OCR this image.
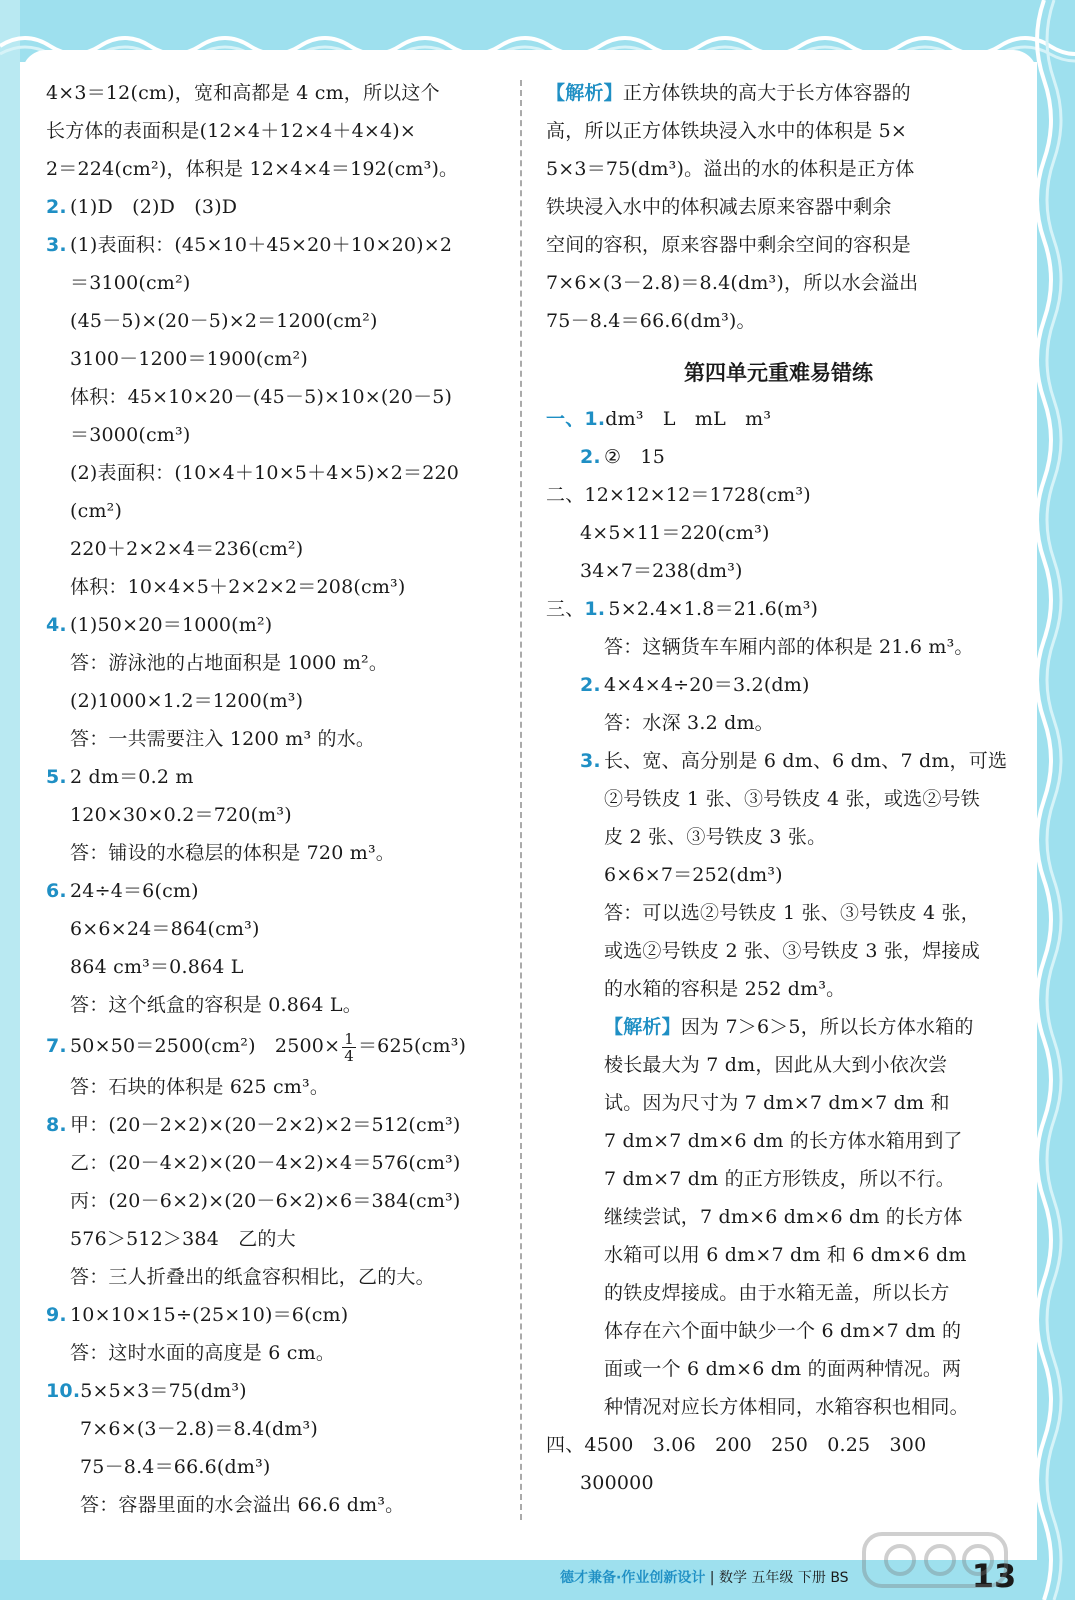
4×3＝12(cm)，宽和高都是 4 cm，所以这个
长方体的表面积是(12×4＋12×4＋4×4)×
2＝224(cm²)，体积是 12×4×4＝192(cm³)。
2. (1)D　(2)D　(3)D
3. (1)表面积：(45×10＋45×20＋10×20)×2
＝3100(cm²)
(45－5)×(20－5)×2＝1200(cm²)
3100－1200＝1900(cm²)
体积：45×10×20－(45－5)×10×(20－5)
＝3000(cm³)
(2)表面积：(10×4＋10×5＋4×5)×2＝220
(cm²)
220＋2×2×4＝236(cm²)
体积：10×4×5＋2×2×2＝208(cm³)
4. (1)50×20＝1000(m²)
答：游泳池的占地面积是 1000 m²。
(2)1000×1.2＝1200(m³)
答：一共需要注入 1200 m³ 的水。
5. 2 dm＝0.2 m
120×30×0.2＝720(m³)
答：铺设的水稳层的体积是 720 m³。
6. 24÷4＝6(cm)
6×6×24＝864(cm³)
864 cm³＝0.864 L
答：这个纸盒的容积是 0.864 L。
7. 50×50＝2500(cm²)　$2500\times \frac{1}{4} =625(cm^3)$
答：石块的体积是 625 cm³。
8. 甲：(20－2×2)×(20－2×2)×2＝512(cm³)
乙：(20－4×2)×(20－4×2)×4＝576(cm³)
丙：(20－6×2)×(20－6×2)×6＝384(cm³)
576＞512＞384　乙的大
答：三人折叠出的纸盒容积相比，乙的大。
9. 10×10×15÷(25×10)＝6(cm)
答：这时水面的高度是 6 cm。
10.5×5×3＝75(dm³)
7×6×(3－2.8)＝8.4(dm³)
75－8.4＝66.6(dm³)
答：容器里面的水会溢出 66.6 dm³。
【解析】正方体铁块的高大于长方体容器的
高，所以正方体铁块浸入水中的体积是 5×
5×3＝75(dm³)。溢出的水的体积是正方体
铁块浸入水中的体积减去原来容器中剩余
空间的容积，原来容器中剩余空间的容积是
7×6×(3－2.8)＝8.4(dm³)，所以水会溢出
75－8.4＝66.6(dm³)。
第四单元重难易错练
一、1.dm³　L　mL　m³
2. ②　15
二、12×12×12＝1728(cm³)
4×5×11＝220(cm³)
34×7＝238(dm³)
三、1. 5×2.4×1.8＝21.6(m³)
答：这辆货车车厢内部的体积是 21.6 m³。
2. 4×4×4÷20＝3.2(dm)
答：水深 3.2 dm。
3. 长、宽、高分别是 6 dm、6 dm、7 dm，可选
②号铁皮 1 张、③号铁皮 4 张，或选②号铁
皮 2 张、③号铁皮 3 张。
6×6×7＝252(dm³)
答：可以选②号铁皮 1 张、③号铁皮 4 张，
或选②号铁皮 2 张、③号铁皮 3 张，焊接成
的水箱的容积是 252 dm³。
【解析】因为 7＞6＞5，所以长方体水箱的
棱长最大为 7 dm，因此从大到小依次尝
试。因为尺寸为 7 dm×7 dm×7 dm 和
7 dm×7 dm×6 dm 的长方体水箱用到了
7 dm×7 dm 的正方形铁皮，所以不行。
继续尝试，7 dm×6 dm×6 dm 的长方体
水箱可以用 6 dm×7 dm 和 6 dm×6 dm
的铁皮焊接成。由于水箱无盖，所以长方
体存在六个面中缺少一个 6 dm×7 dm 的
面或一个 6 dm×6 dm 的面两种情况。两
种情况对应长方体相同，水箱容积也相同。
四、4500　3.06　200　250　0.25　300
300000
德才兼备·作业创新设计 | 数学 五年级 下册 BS	13
